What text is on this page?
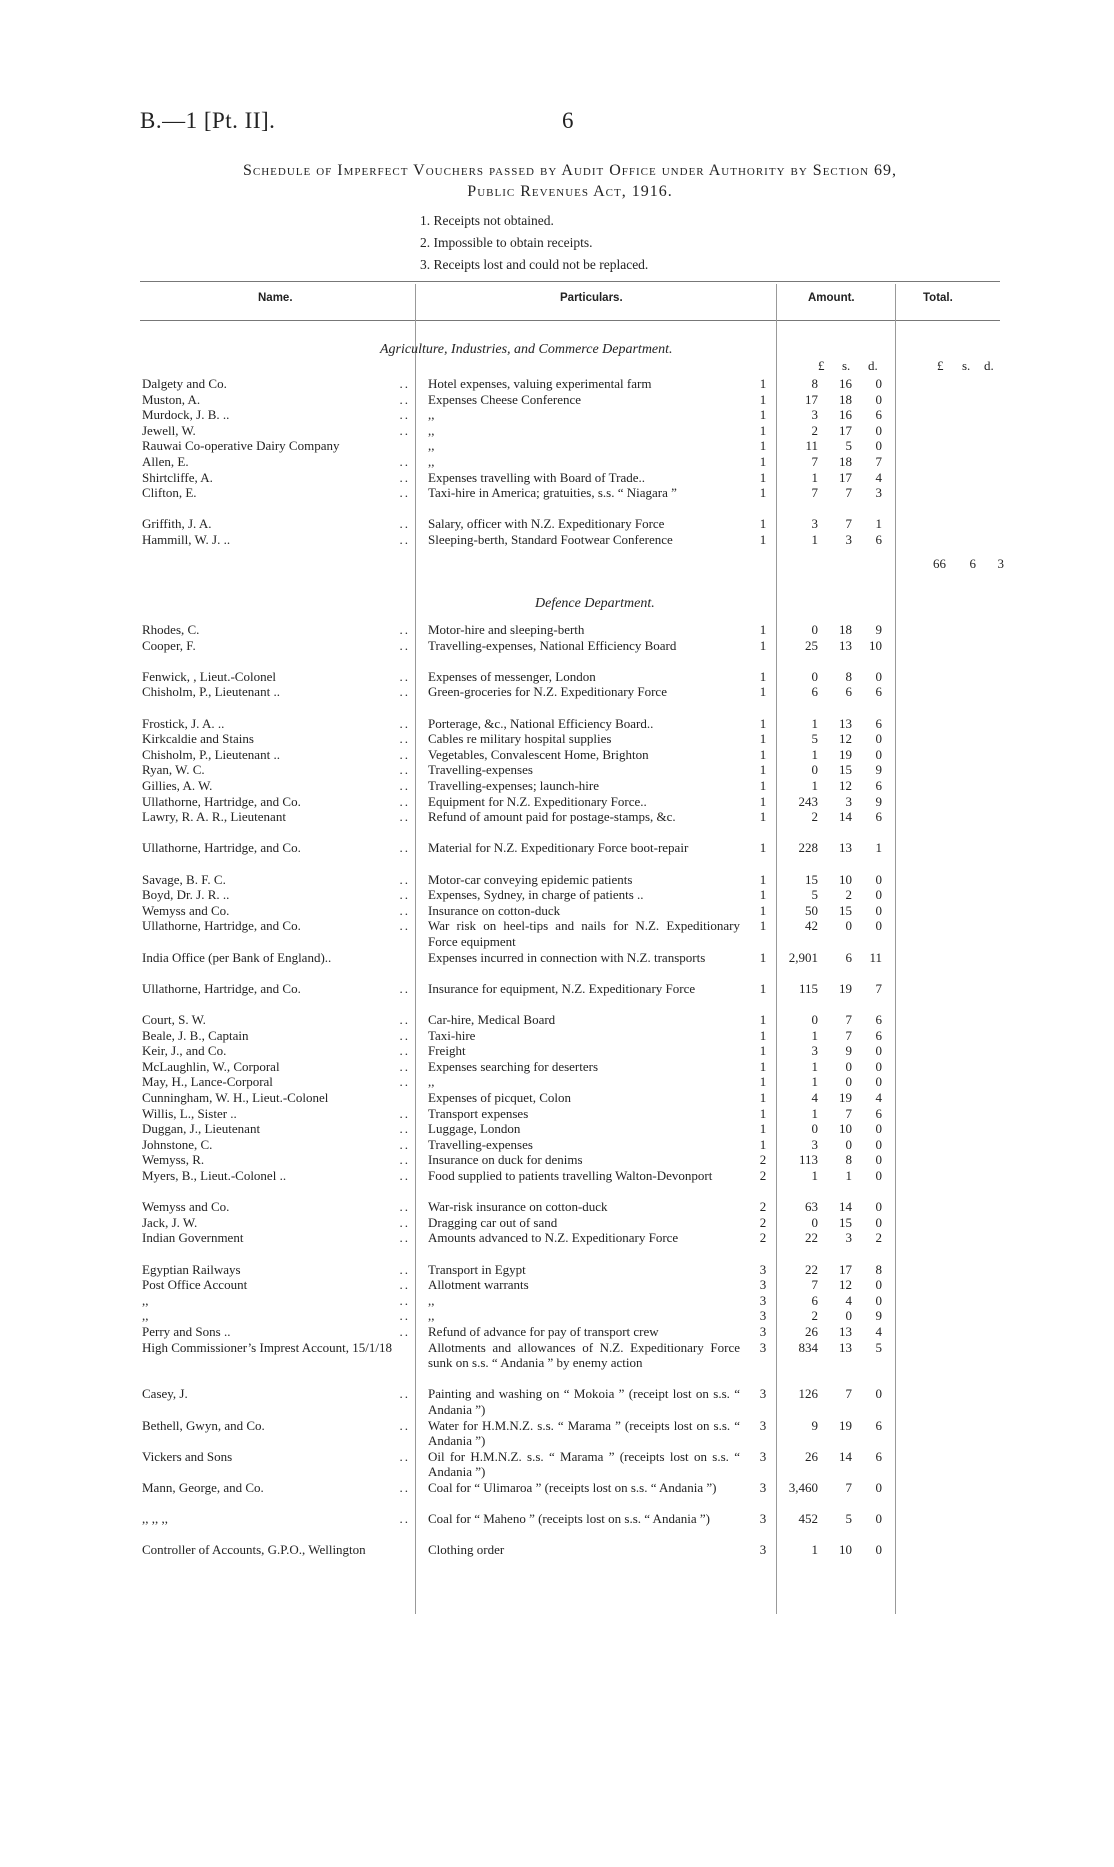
B.—1 [Pt. II].	6
Schedule of Imperfect Vouchers passed by Audit Office under Authority by Section 69,
Public Revenues Act, 1916.
1. Receipts not obtained.
2. Impossible to obtain receipts.
3. Receipts lost and could not be replaced.
Name.	Particulars.	Amount.	Total.
Agriculture, Industries, and Commerce Department.
£ s. d.	£ s. d.
Dalgety and Co.	.. Hotel expenses, valuing experimental farm	1	8	16	0
Muston, A.	.. Expenses Cheese Conference	1	17	18	0
Murdock, J. B. ..	.. ,,	1	3	16	6
Jewell, W.	.. ,,	1	2	17	0
Rauwai Co-operative Dairy Company	,,	1	11	5	0
Allen, E.	.. ,,	1	7	18	7
Shirtcliffe, A.	.. Expenses travelling with Board of Trade..	1	1	17	4
Clifton, E.	.. Taxi-hire in America; gratuities, s.s. “ Niagara ”	1	7	7	3
Griffith, J. A.	.. Salary, officer with N.Z. Expeditionary Force	1	3	7	1
Hammill, W. J. ..	.. Sleeping-berth, Standard Footwear Conference	1	1	3	6
66	6	3
Defence Department.
Rhodes, C.	.. Motor-hire and sleeping-berth	1	0	18	9
Cooper, F.	.. Travelling-expenses, National Efficiency Board	1	25	13	10
Fenwick, , Lieut.-Colonel	.. Expenses of messenger, London	1	0	8	0
Chisholm, P., Lieutenant ..	.. Green-groceries for N.Z. Expeditionary Force	1	6	6	6
Frostick, J. A. ..	.. Porterage, &c., National Efficiency Board..	1	1	13	6
Kirkcaldie and Stains	.. Cables re military hospital supplies	1	5	12	0
Chisholm, P., Lieutenant ..	.. Vegetables, Convalescent Home, Brighton	1	1	19	0
Ryan, W. C.	.. Travelling-expenses	1	0	15	9
Gillies, A. W.	.. Travelling-expenses; launch-hire	1	1	12	6
Ullathorne, Hartridge, and Co.	.. Equipment for N.Z. Expeditionary Force..	1	243	3	9
Lawry, R. A. R., Lieutenant	.. Refund of amount paid for postage-stamps, &c.	1	2	14	6
Ullathorne, Hartridge, and Co.	.. Material for N.Z. Expeditionary Force boot-repair	1	228	13	1
Savage, B. F. C.	.. Motor-car conveying epidemic patients	1	15	10	0
Boyd, Dr. J. R. ..	.. Expenses, Sydney, in charge of patients ..	1	5	2	0
Wemyss and Co.	.. Insurance on cotton-duck	1	50	15	0
Ullathorne, Hartridge, and Co.	.. War risk on heel-tips and nails for N.Z. Expeditionary Force equipment
1	42	0	0
India Office (per Bank of England)..	Expenses incurred in connection with N.Z. transports	1	2,901	6	11
Ullathorne, Hartridge, and Co.	.. Insurance for equipment, N.Z. Expeditionary Force	1	115	19	7
Court, S. W.	.. Car-hire, Medical Board	1	0	7	6
Beale, J. B., Captain	.. Taxi-hire	1	1	7	6
Keir, J., and Co.	.. Freight	1	3	9	0
McLaughlin, W., Corporal	.. Expenses searching for deserters	1	1	0	0
May, H., Lance-Corporal	.. ,,	1	1	0	0
Cunningham, W. H., Lieut.-Colonel	Expenses of picquet, Colon	1	4	19	4
Willis, L., Sister ..	.. Transport expenses	1	1	7	6
Duggan, J., Lieutenant	.. Luggage, London	1	0	10	0
Johnstone, C.	.. Travelling-expenses	1	3	0	0
Wemyss, R.	.. Insurance on duck for denims	2	113	8	0
Myers, B., Lieut.-Colonel ..	.. Food supplied to patients travelling Walton-Devonport	2	1	1	0
Wemyss and Co.	.. War-risk insurance on cotton-duck	2	63	14	0
Jack, J. W.	.. Dragging car out of sand	2	0	15	0
Indian Government	.. Amounts advanced to N.Z. Expeditionary Force	2	22	3	2
Egyptian Railways	.. Transport in Egypt	3	22	17	8
Post Office Account	.. Allotment warrants	3	7	12	0
,,	.. ,,	3	6	4	0
,,	.. ,,	3	2	0	9
Perry and Sons ..	.. Refund of advance for pay of transport crew	3	26	13	4
High Commissioner’s Imprest Account, 15/1/18	Allotments and allowances of N.Z. Expeditionary Force sunk on s.s. “ Andania ” by enemy action
3	834	13	5
Casey, J.	.. Painting and washing on “ Mokoia ” (receipt lost on s.s. “ Andania ”)
3	126	7	0
Bethell, Gwyn, and Co.	.. Water for H.M.N.Z. s.s. “ Marama ” (receipts lost on s.s. “ Andania ”)
3	9	19	6
Vickers and Sons	.. Oil for H.M.N.Z. s.s. “ Marama ” (receipts lost on s.s. “ Andania ”)
3	26	14	6
Mann, George, and Co.	.. Coal for “ Ulimaroa ” (receipts lost on s.s. “ Andania ”)	3	3,460	7	0
,, ,, ,,	.. Coal for “ Maheno ” (receipts lost on s.s. “ Andania ”)	3	452	5	0
Controller of Accounts, G.P.O., Wellington	Clothing order	3	1	10	0
